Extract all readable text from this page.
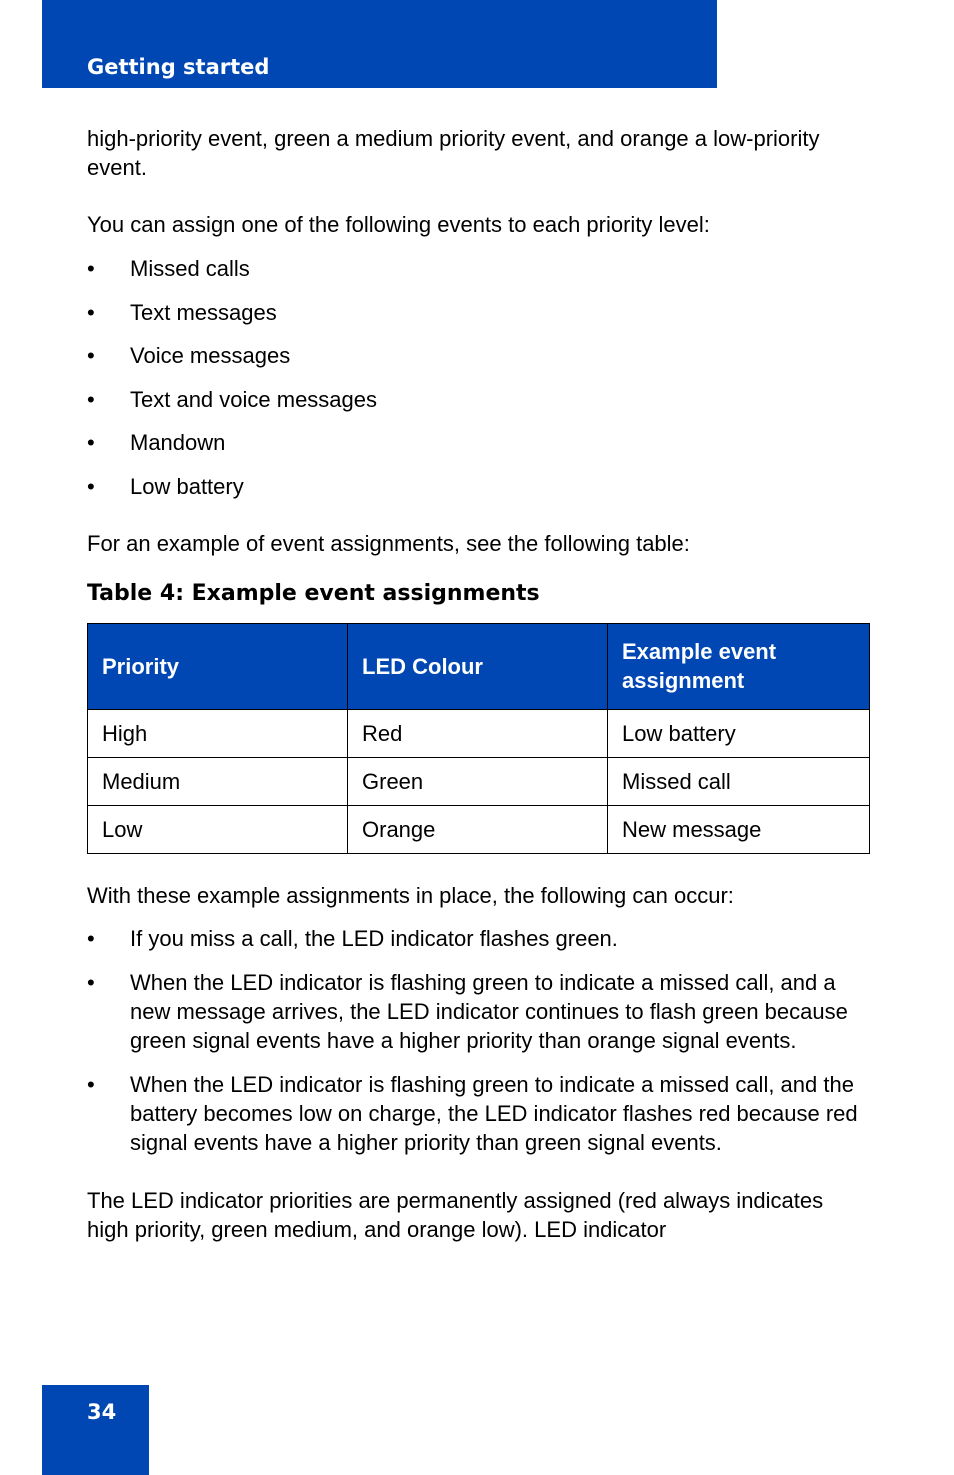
Getting started

high-priority event, green a medium priority event, and orange a low-priority event.

You can assign one of the following events to each priority level:

•	Missed calls
•	Text messages
•	Voice messages
•	Text and voice messages
•	Mandown
•	Low battery

For an example of event assignments, see the following table:

Table 4: Example event assignments
Priority	LED Colour	Example event assignment
High	Red	Low battery
Medium	Green	Missed call
Low	Orange	New message

With these example assignments in place, the following can occur:

•	If you miss a call, the LED indicator flashes green.
•	When the LED indicator is flashing green to indicate a missed call, and a new message arrives, the LED indicator continues to flash green because green signal events have a higher priority than orange signal events.
•	When the LED indicator is flashing green to indicate a missed call, and the battery becomes low on charge, the LED indicator flashes red because red signal events have a higher priority than green signal events.

The LED indicator priorities are permanently assigned (red always indicates high priority, green medium, and orange low). LED indicator

34
